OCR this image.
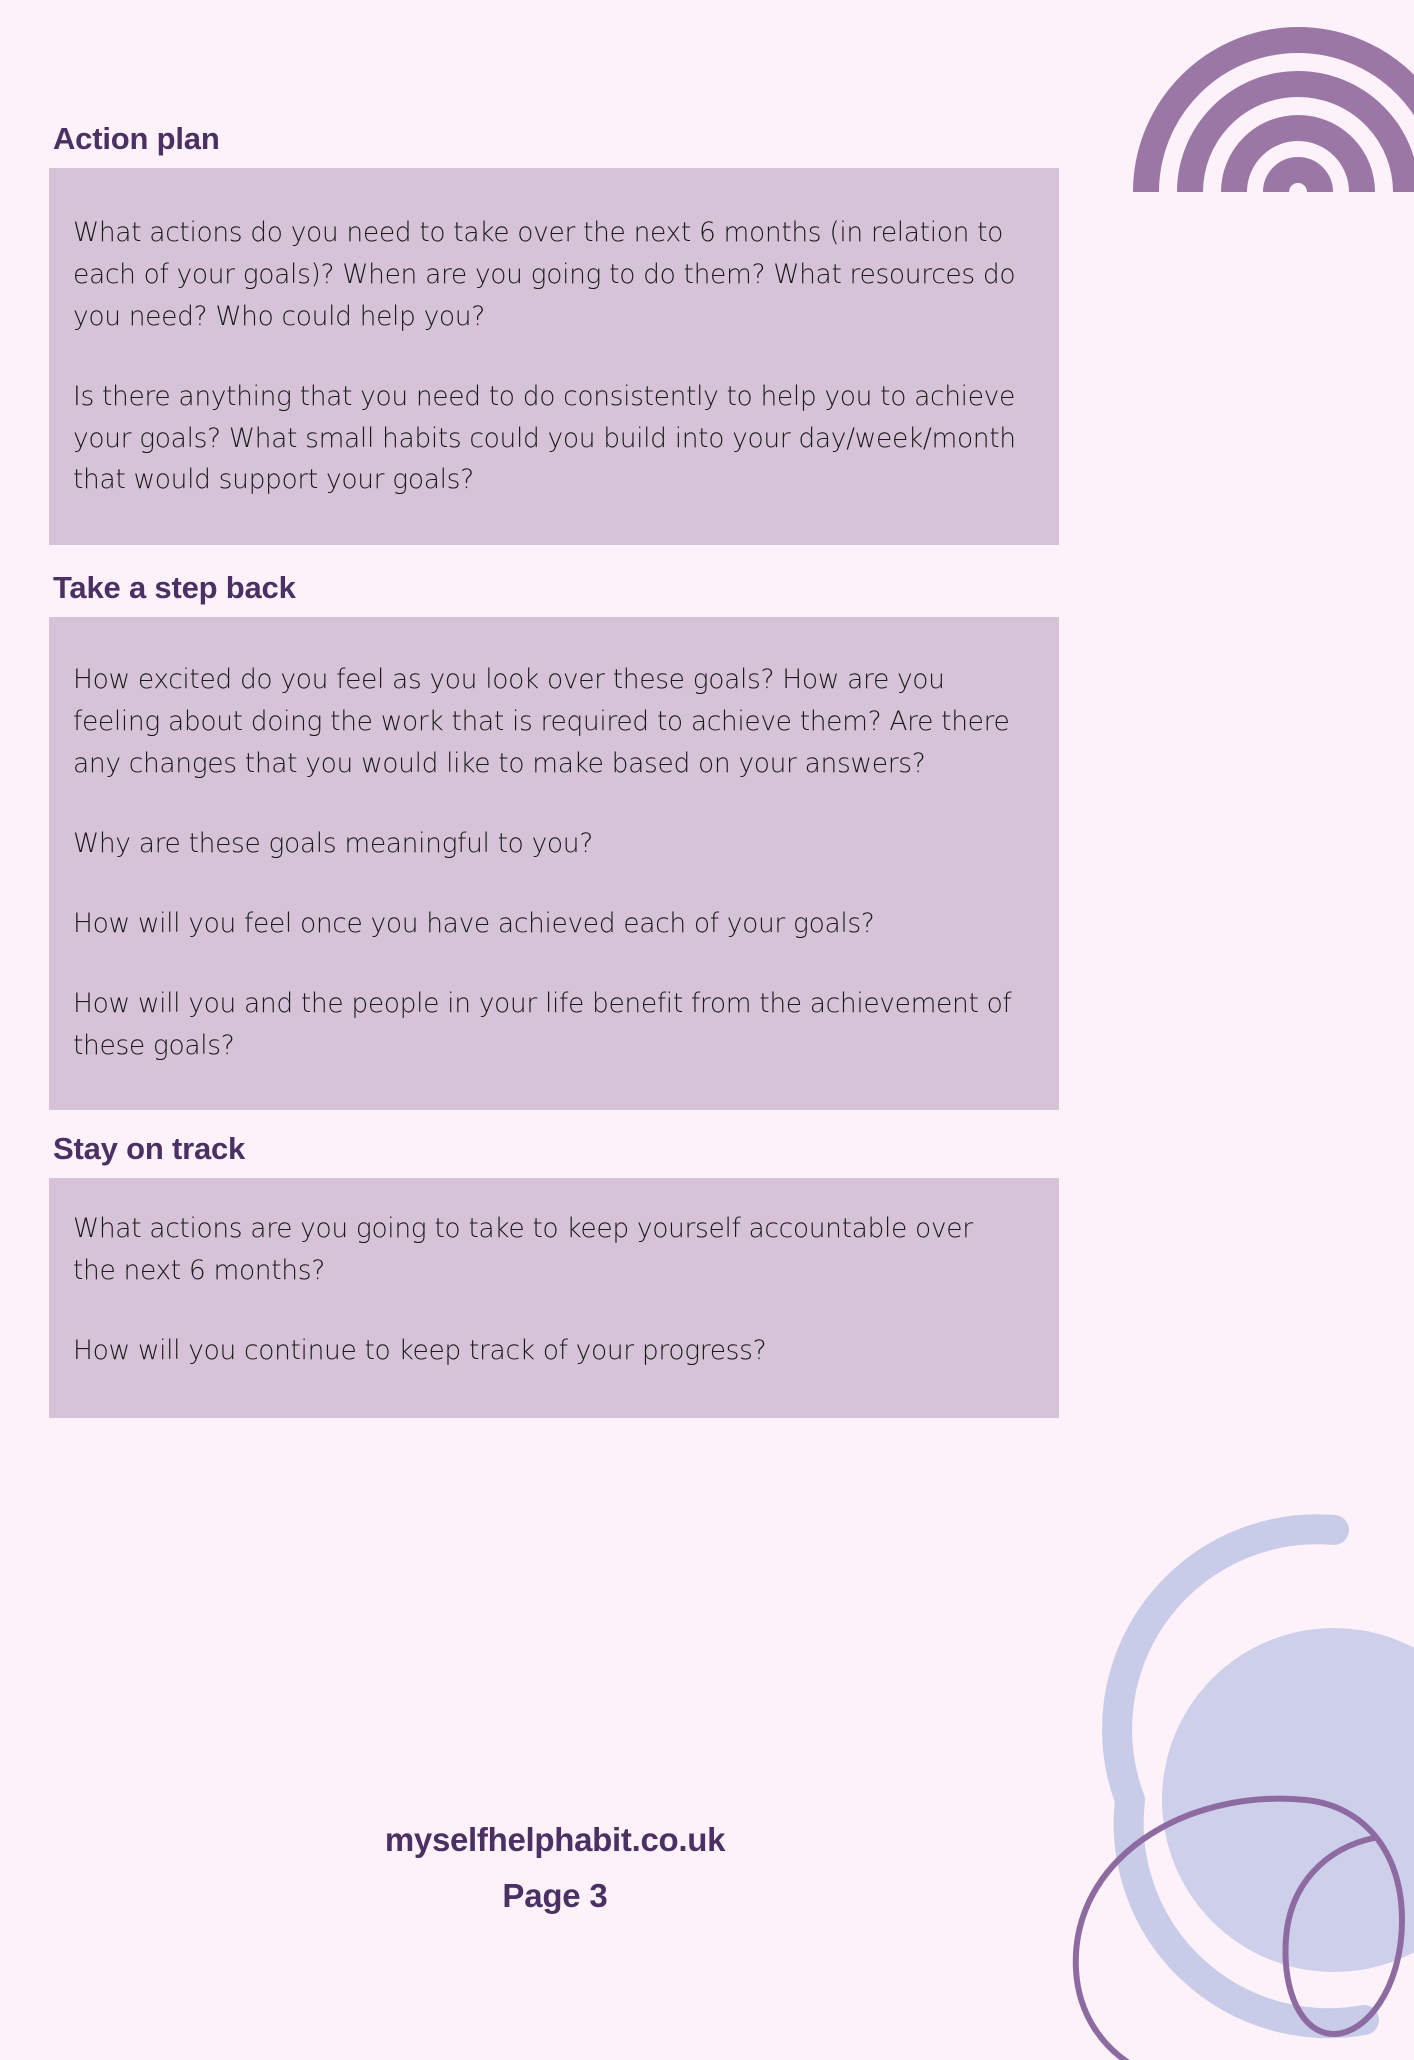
Action plan

What actions do you need to take over the next 6 months (in relation to each of your goals)? When are you going to do them? What resources do you need? Who could help you?

Is there anything that you need to do consistently to help you to achieve your goals? What small habits could you build into your day/week/month that would support your goals?

Take a step back

How excited do you feel as you look over these goals? How are you feeling about doing the work that is required to achieve them? Are there any changes that you would like to make based on your answers?

Why are these goals meaningful to you?

How will you feel once you have achieved each of your goals?

How will you and the people in your life benefit from the achievement of these goals?

Stay on track

What actions are you going to take to keep yourself accountable over the next 6 months?

How will you continue to keep track of your progress?

myselfhelphabit.co.uk
Page 3
